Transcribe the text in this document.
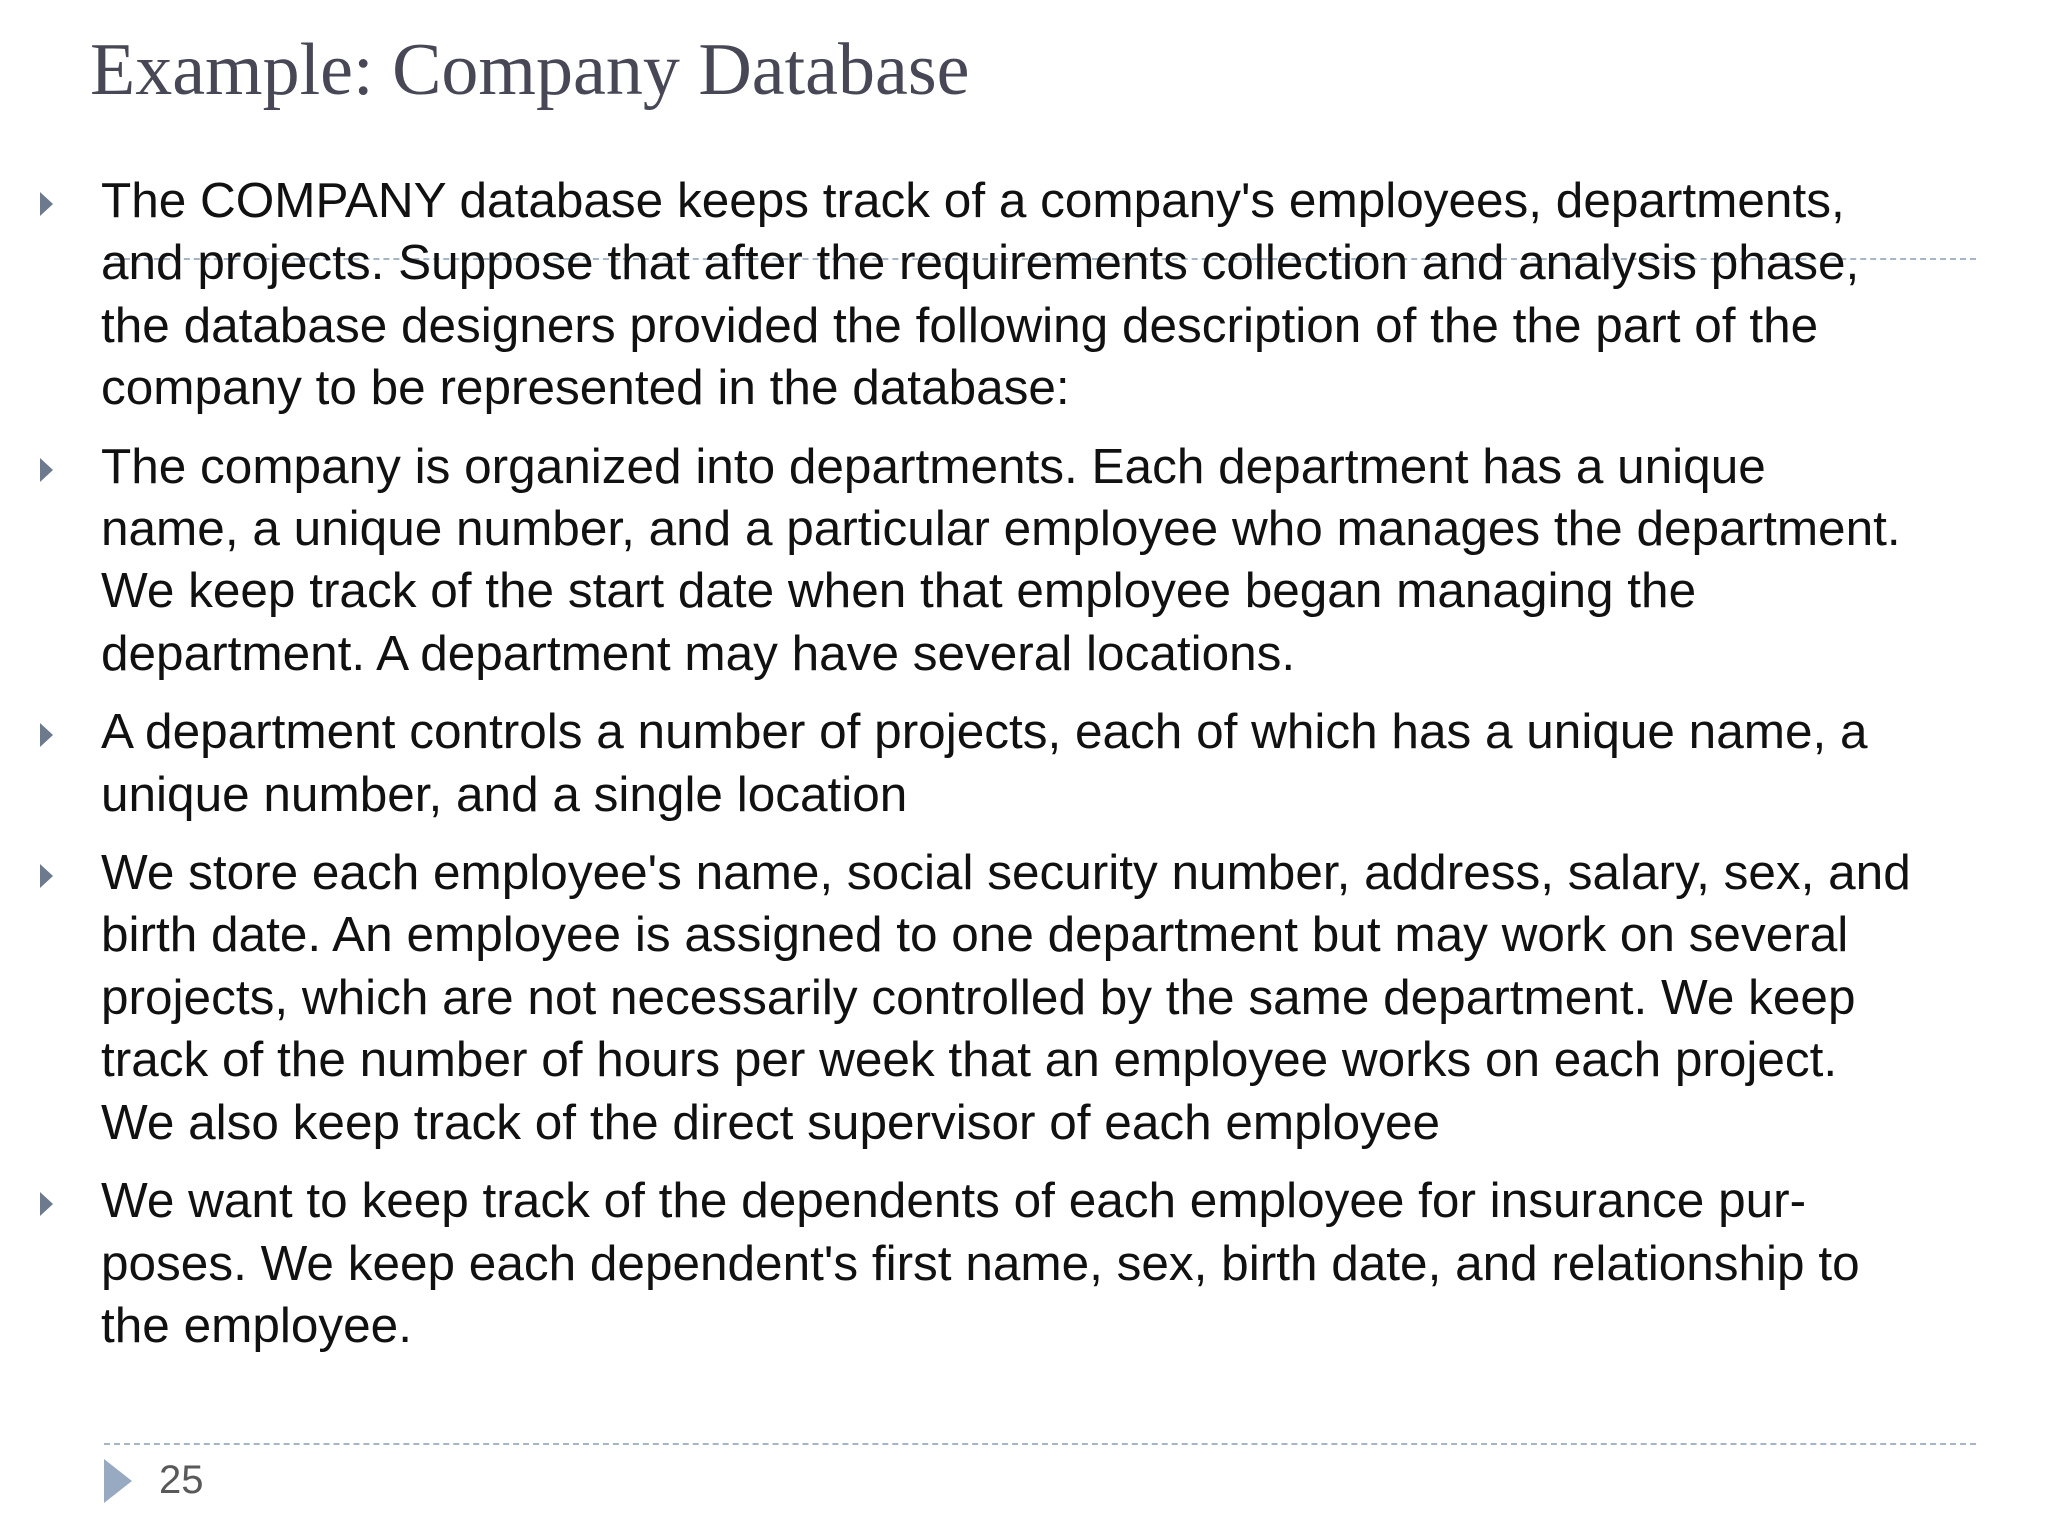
Example: Company Database
The COMPANY database keeps track of a company's employees, departments,
and projects. Suppose that after the requirements collection and analysis phase,
the database designers provided the following description of the the part of the
company to be represented in the database:
The company is organized into departments. Each department has a unique
name, a unique number, and a particular employee who manages the department.
We keep track of the start date when that employee began managing the
department. A department may have several locations.
A department controls a number of projects, each of which has a unique name, a
unique number, and a single location
We store each employee's name, social security number, address, salary, sex, and
birth date. An employee is assigned to one department but may work on several
projects, which are not necessarily controlled by the same department. We keep
track of the number of hours per week that an employee works on each project.
We also keep track of the direct supervisor of each employee
We want to keep track of the dependents of each employee for insurance pur-
poses. We keep each dependent's first name, sex, birth date, and relationship to
the employee.
25
